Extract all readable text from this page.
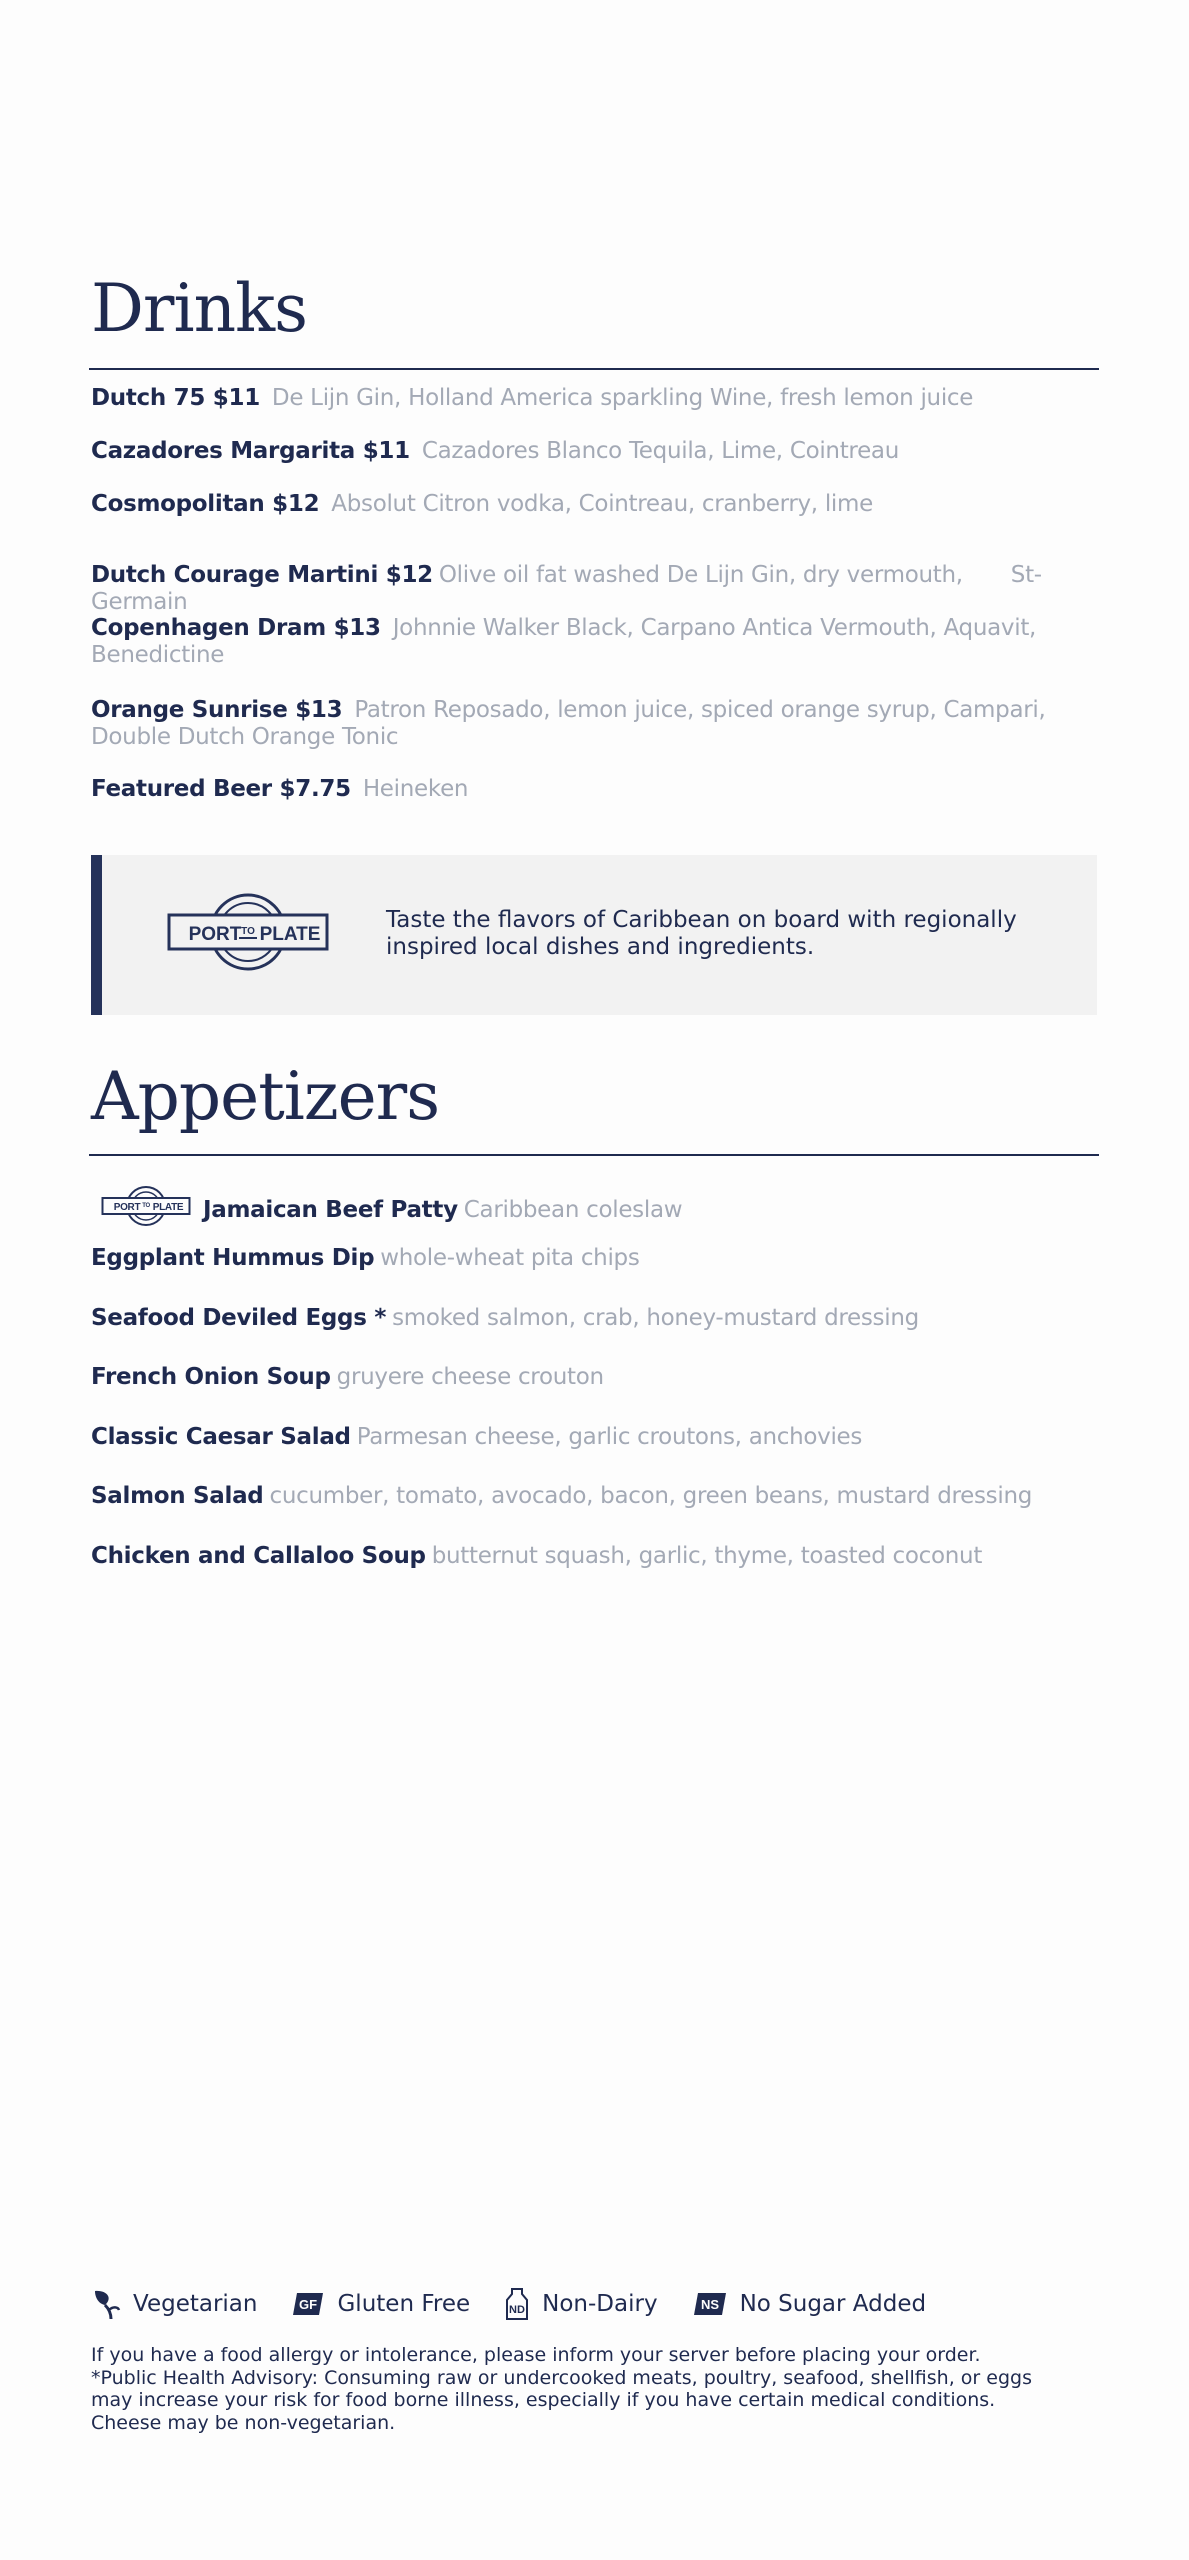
Drinks
Dutch 75 $11 De Lijn Gin, Holland America sparkling Wine, fresh lemon juice
Cazadores Margarita $11 Cazadores Blanco Tequila, Lime, Cointreau
Cosmopolitan $12 Absolut Citron vodka, Cointreau, cranberry, lime
Dutch Courage Martini $12 Olive oil fat washed De Lijn Gin, dry vermouth, St-Germain
Copenhagen Dram $13 Johnnie Walker Black, Carpano Antica Vermouth, Aquavit, Benedictine
Orange Sunrise $13 Patron Reposado, lemon juice, spiced orange syrup, Campari, Double Dutch Orange Tonic
Featured Beer $7.75 Heineken
PORT TO PLATE
Taste the flavors of Caribbean on board with regionally inspired local dishes and ingredients.
Appetizers
PORT TO PLATE Jamaican Beef Patty Caribbean coleslaw
Eggplant Hummus Dip whole-wheat pita chips
Seafood Deviled Eggs * smoked salmon, crab, honey-mustard dressing
French Onion Soup gruyere cheese crouton
Classic Caesar Salad Parmesan cheese, garlic croutons, anchovies
Salmon Salad cucumber, tomato, avocado, bacon, green beans, mustard dressing
Chicken and Callaloo Soup butternut squash, garlic, thyme, toasted coconut
Vegetarian	GF Gluten Free	ND Non-Dairy	NS No Sugar Added
If you have a food allergy or intolerance, please inform your server before placing your order.
*Public Health Advisory: Consuming raw or undercooked meats, poultry, seafood, shellfish, or eggs may increase your risk for food borne illness, especially if you have certain medical conditions.
Cheese may be non-vegetarian.
